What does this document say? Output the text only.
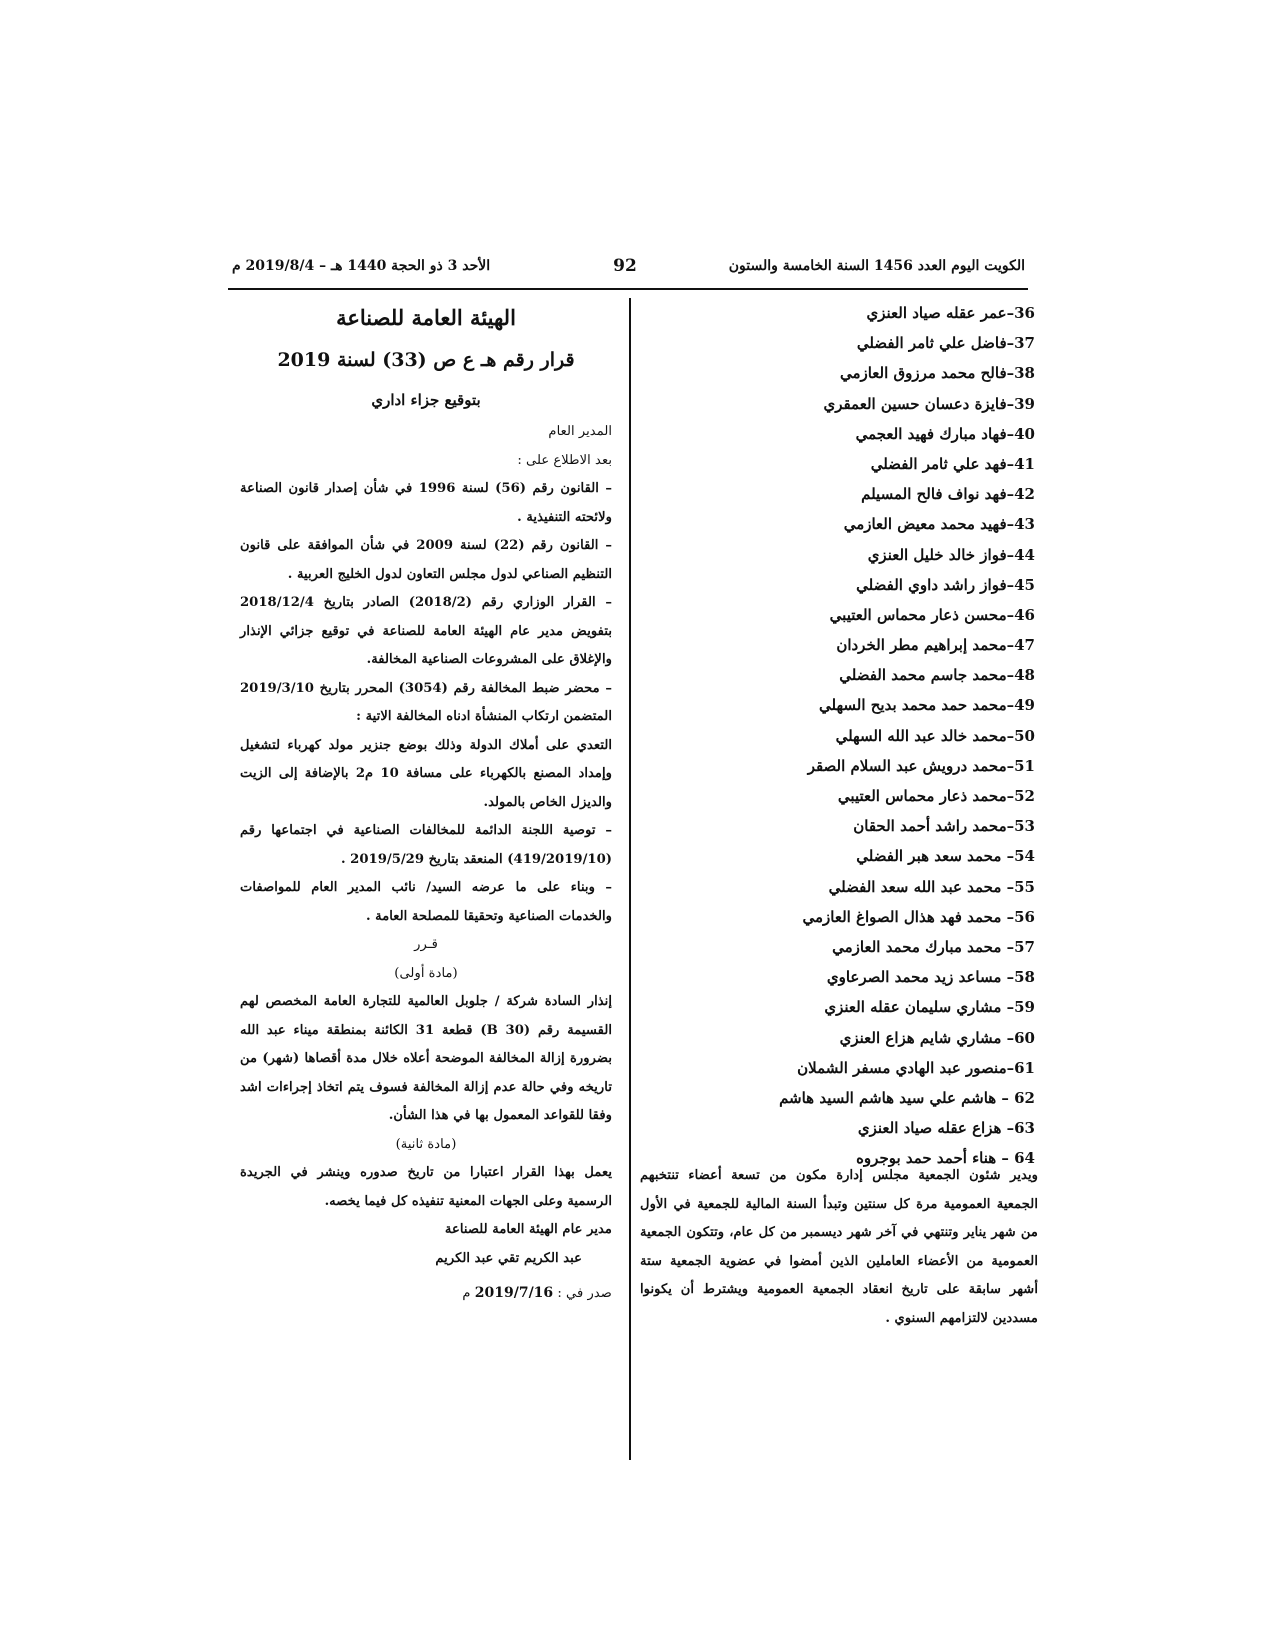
الأحد 3 ذو الحجة 1440 هـ – 2019/8/4 م	92	الكويت اليوم العدد 1456 السنة الخامسة والستون
36–عمر عقله صياد العنزي
37–فاضل علي ثامر الفضلي
38–فالح محمد مرزوق العازمي
39–فايزة دعسان حسين العمقري
40–فهاد مبارك فهيد العجمي
41–فهد علي ثامر الفضلي
42–فهد نواف فالح المسيلم
43–فهيد محمد معيض العازمي
44–فواز خالد خليل العنزي
45–فواز راشد داوي الفضلي
46–محسن ذعار محماس العتيبي
47–محمد إبراهيم مطر الخردان
48–محمد جاسم محمد الفضلي
49–محمد حمد محمد بديح السهلي
50–محمد خالد عبد الله السهلي
51–محمد درويش عبد السلام الصقر
52–محمد ذعار محماس العتيبي
53–محمد راشد أحمد الحقان
54– محمد سعد هبر الفضلي
55– محمد عبد الله سعد الفضلي
56– محمد فهد هذال الصواغ العازمي
57– محمد مبارك محمد العازمي
58– مساعد زيد محمد الصرعاوي
59– مشاري سليمان عقله العنزي
60– مشاري شايم هزاع العنزي
61–منصور عبد الهادي مسفر الشملان
62 – هاشم علي سيد هاشم السيد هاشم
63– هزاع عقله صياد العنزي
64 – هناء أحمد حمد بوجروه

ويدير شئون الجمعية مجلس إدارة مكون من تسعة أعضاء تنتخبهم الجمعية العمومية مرة كل سنتين وتبدأ السنة المالية للجمعية في الأول من شهر يناير وتنتهي في آخر شهر ديسمبر من كل عام، وتتكون الجمعية العمومية من الأعضاء العاملين الذين أمضوا في عضوية الجمعية ستة أشهر سابقة على تاريخ انعقاد الجمعية العمومية ويشترط أن يكونوا مسددين لالتزامهم السنوي .

الهيئة العامة للصناعة
قرار رقم هـ ع ص (33) لسنة 2019
بتوقيع جزاء اداري

المدير العام

بعد الاطلاع على :

– القانون رقم (56) لسنة 1996 في شأن إصدار قانون الصناعة ولائحته التنفيذية .

– القانون رقم (22) لسنة 2009 في شأن الموافقة على قانون التنظيم الصناعي لدول مجلس التعاون لدول الخليج العربية .

– القرار الوزاري رقم (2018/2) الصادر بتاريخ 2018/12/4 بتفويض مدير عام الهيئة العامة للصناعة في توقيع جزائي الإنذار والإغلاق على المشروعات الصناعية المخالفة.

– محضر ضبط المخالفة رقم (3054) المحرر بتاريخ 2019/3/10 المتضمن ارتكاب المنشأة ادناه المخالفة الاتية :

التعدي على أملاك الدولة وذلك بوضع جنزير مولد كهرباء لتشغيل وإمداد المصنع بالكهرباء على مسافة 10 م2 بالإضافة إلى الزيت والديزل الخاص بالمولد.

– توصية اللجنة الدائمة للمخالفات الصناعية في اجتماعها رقم (419/2019/10) المنعقد بتاريخ 2019/5/29 .

– وبناء على ما عرضه السيد/ نائب المدير العام للمواصفات والخدمات الصناعية وتحقيقا للمصلحة العامة .

قـرر

(مادة أولى)

إنذار السادة شركة / جلوبل العالمية للتجارة العامة المخصص لهم القسيمة رقم (B 30) قطعة 31 الكائنة بمنطقة ميناء عبد الله بضرورة إزالة المخالفة الموضحة أعلاه خلال مدة أقصاها (شهر) من تاريخه وفي حالة عدم إزالة المخالفة فسوف يتم اتخاذ إجراءات اشد وفقا للقواعد المعمول بها في هذا الشأن.

(مادة ثانية)

يعمل بهذا القرار اعتبارا من تاريخ صدوره وينشر في الجريدة الرسمية وعلى الجهات المعنية تنفيذه كل فيما يخصه.

مدير عام الهيئة العامة للصناعة
عبد الكريم تقي عبد الكريم
صدر في : 2019/7/16 م
